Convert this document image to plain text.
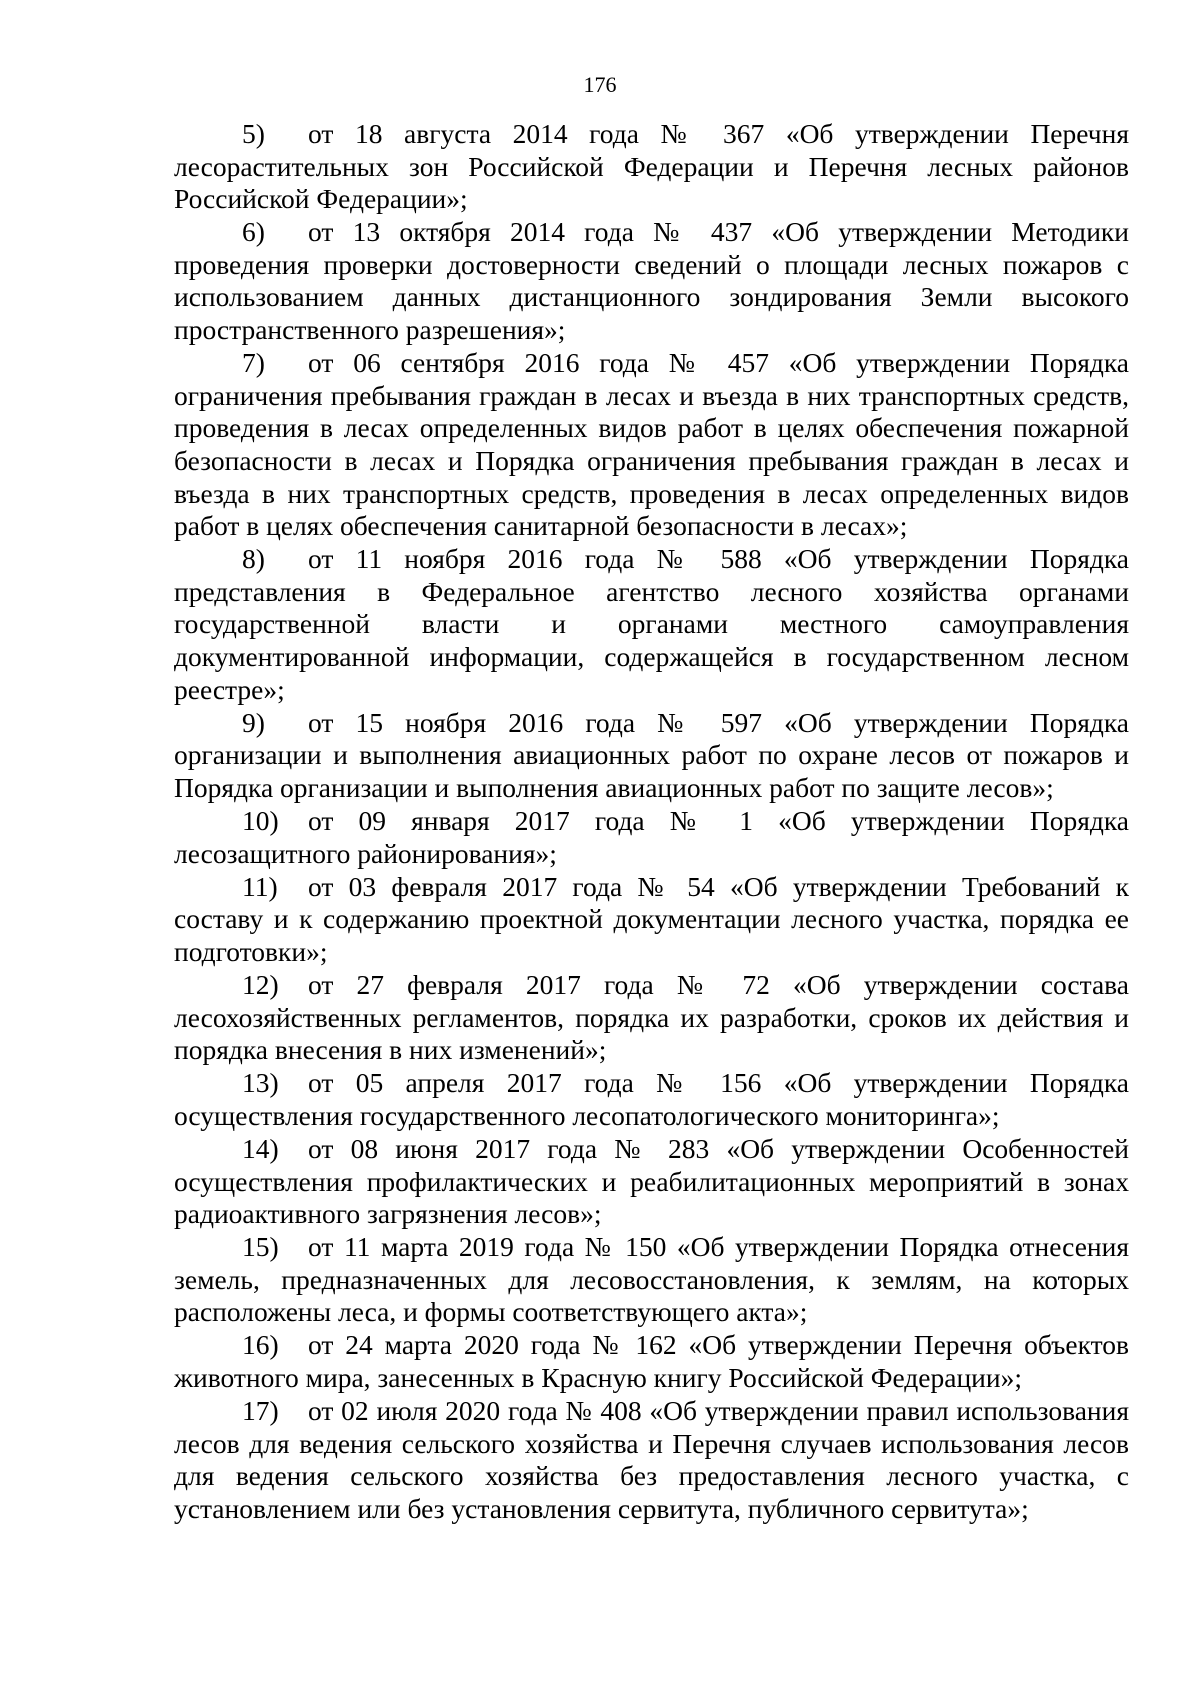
176

5) от 18 августа 2014 года № 367 «Об утверждении Перечня лесорастительных зон Российской Федерации и Перечня лесных районов Российской Федерации»;

6) от 13 октября 2014 года № 437 «Об утверждении Методики проведения проверки достоверности сведений о площади лесных пожаров с использованием данных дистанционного зондирования Земли высокого пространственного разрешения»;

7) от 06 сентября 2016 года № 457 «Об утверждении Порядка ограничения пребывания граждан в лесах и въезда в них транспортных средств, проведения в лесах определенных видов работ в целях обеспечения пожарной безопасности в лесах и Порядка ограничения пребывания граждан в лесах и въезда в них транспортных средств, проведения в лесах определенных видов работ в целях обеспечения санитарной безопасности в лесах»;

8) от 11 ноября 2016 года № 588 «Об утверждении Порядка представления в Федеральное агентство лесного хозяйства органами государственной власти и органами местного самоуправления документированной информации, содержащейся в государственном лесном реестре»;

9) от 15 ноября 2016 года № 597 «Об утверждении Порядка организации и выполнения авиационных работ по охране лесов от пожаров и Порядка организации и выполнения авиационных работ по защите лесов»;

10) от 09 января 2017 года № 1 «Об утверждении Порядка лесозащитного районирования»;

11) от 03 февраля 2017 года № 54 «Об утверждении Требований к составу и к содержанию проектной документации лесного участка, порядка ее подготовки»;

12) от 27 февраля 2017 года № 72 «Об утверждении состава лесохозяйственных регламентов, порядка их разработки, сроков их действия и порядка внесения в них изменений»;

13) от 05 апреля 2017 года № 156 «Об утверждении Порядка осуществления государственного лесопатологического мониторинга»;

14) от 08 июня 2017 года № 283 «Об утверждении Особенностей осуществления профилактических и реабилитационных мероприятий в зонах радиоактивного загрязнения лесов»;

15) от 11 марта 2019 года № 150 «Об утверждении Порядка отнесения земель, предназначенных для лесовосстановления, к землям, на которых расположены леса, и формы соответствующего акта»;

16) от 24 марта 2020 года № 162 «Об утверждении Перечня объектов животного мира, занесенных в Красную книгу Российской Федерации»;

17) от 02 июля 2020 года № 408 «Об утверждении правил использования лесов для ведения сельского хозяйства и Перечня случаев использования лесов для ведения сельского хозяйства без предоставления лесного участка, с установлением или без установления сервитута, публичного сервитута»;
